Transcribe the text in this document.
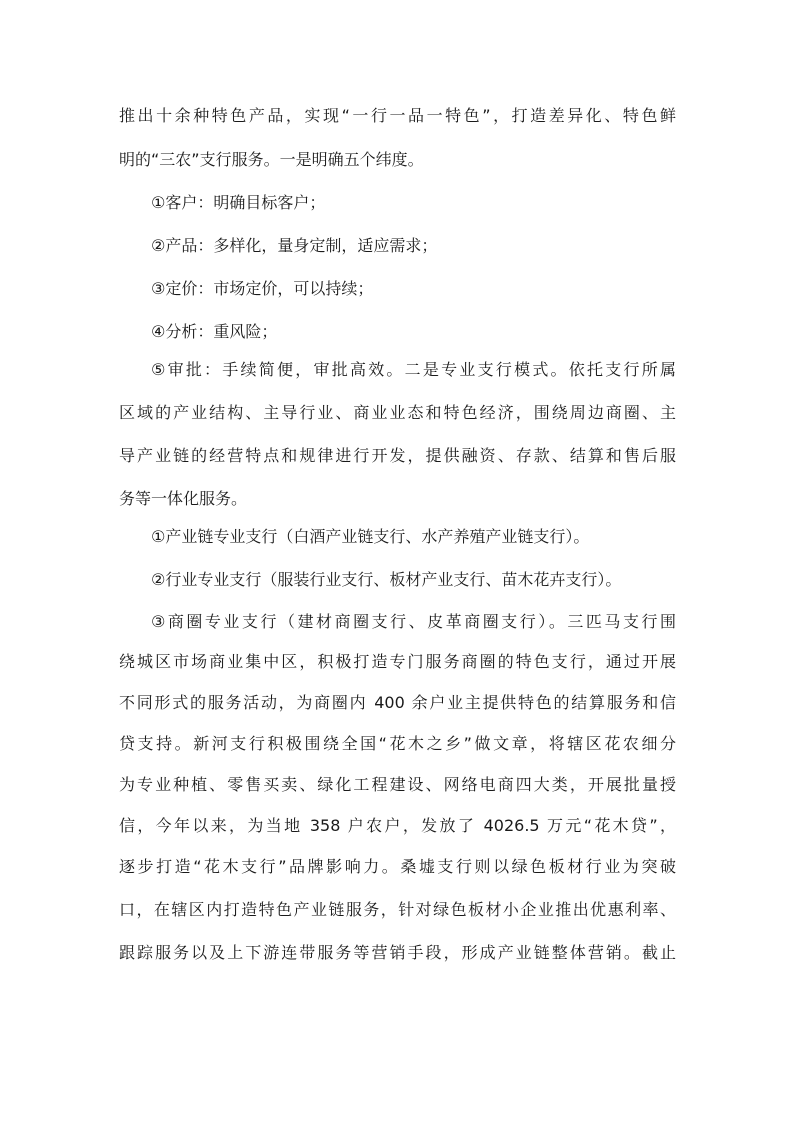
推出十余种特色产品，实现“一行一品一特色”，打造差异化、特色鲜
明的“三农”支行服务。一是明确五个纬度。
①客户：明确目标客户；
②产品：多样化，量身定制，适应需求；
③定价：市场定价，可以持续；
④分析：重风险；
⑤审批：手续简便，审批高效。二是专业支行模式。依托支行所属
区域的产业结构、主导行业、商业业态和特色经济，围绕周边商圈、主
导产业链的经营特点和规律进行开发，提供融资、存款、结算和售后服
务等一体化服务。
①产业链专业支行（白酒产业链支行、水产养殖产业链支行）。
②行业专业支行（服装行业支行、板材产业支行、苗木花卉支行）。
③商圈专业支行（建材商圈支行、皮革商圈支行）。三匹马支行围
绕城区市场商业集中区，积极打造专门服务商圈的特色支行，通过开展
不同形式的服务活动，为商圈内 400 余户业主提供特色的结算服务和信
贷支持。新河支行积极围绕全国“花木之乡”做文章，将辖区花农细分
为专业种植、零售买卖、绿化工程建设、网络电商四大类，开展批量授
信，今年以来，为当地 358 户农户，发放了 4026.5 万元“花木贷”，
逐步打造“花木支行”品牌影响力。桑墟支行则以绿色板材行业为突破
口，在辖区内打造特色产业链服务，针对绿色板材小企业推出优惠利率、
跟踪服务以及上下游连带服务等营销手段，形成产业链整体营销。截止
